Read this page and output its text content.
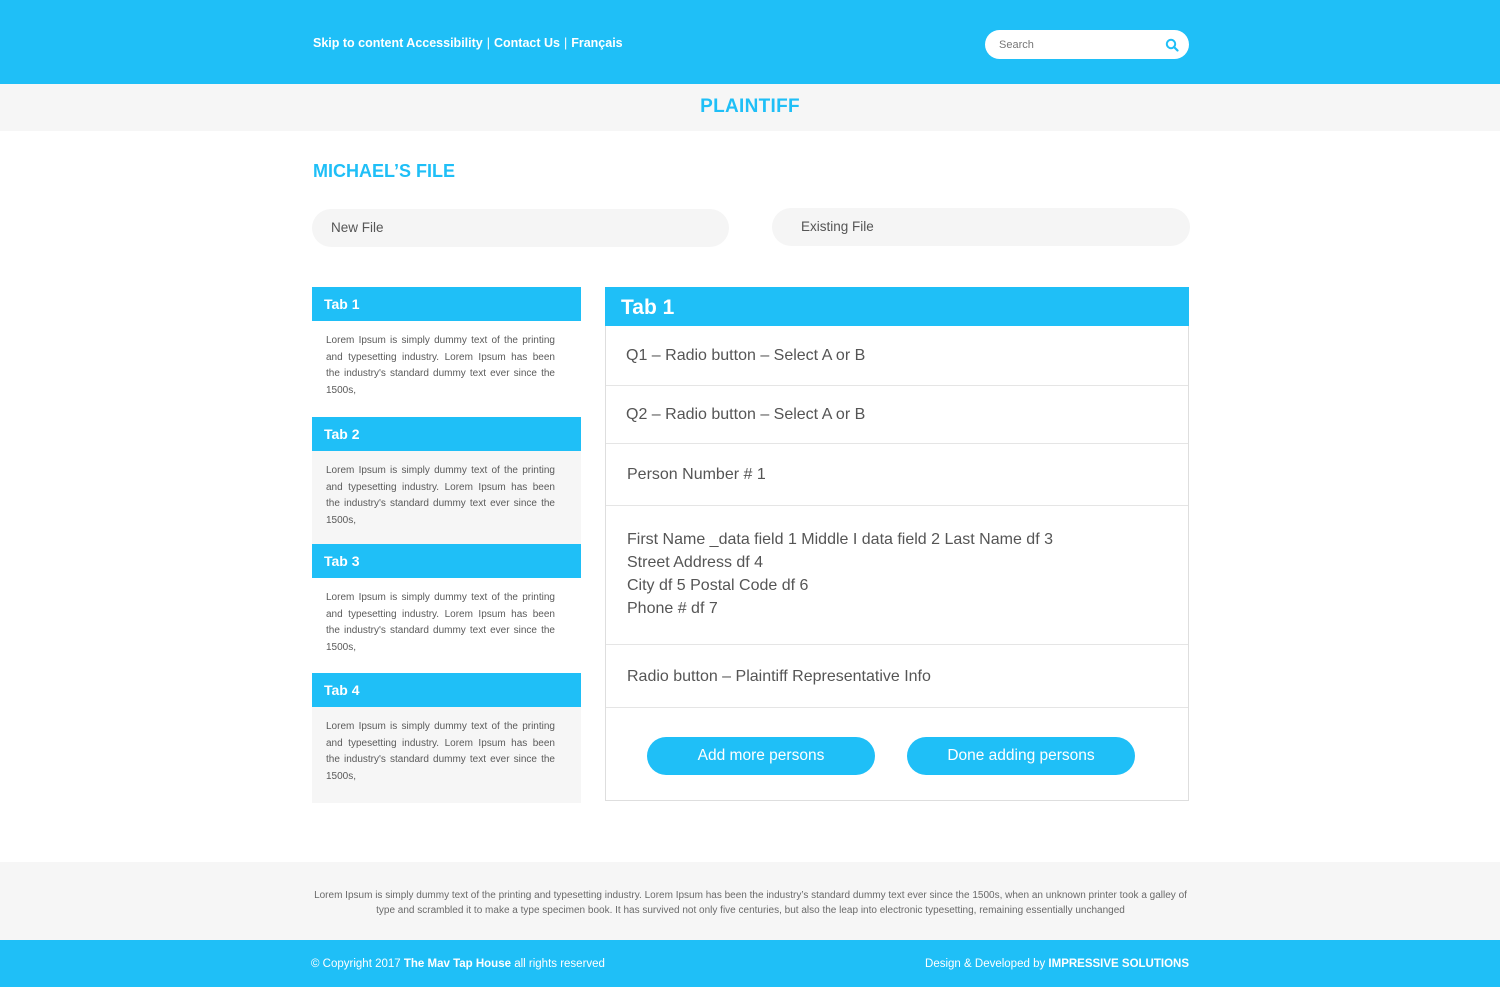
Skip to content Accessibility | Contact Us | Français
Search
PLAINTIFF
MICHAEL’S FILE
New File	Existing File
Tab 1
Lorem Ipsum is simply dummy text of the printing and typesetting industry. Lorem Ipsum has been the industry's standard dummy text ever since the 1500s,
Tab 2
Lorem Ipsum is simply dummy text of the printing and typesetting industry. Lorem Ipsum has been the industry's standard dummy text ever since the 1500s,
Tab 3
Lorem Ipsum is simply dummy text of the printing and typesetting industry. Lorem Ipsum has been the industry's standard dummy text ever since the 1500s,
Tab 4
Lorem Ipsum is simply dummy text of the printing and typesetting industry. Lorem Ipsum has been the industry's standard dummy text ever since the 1500s,
Tab 1
Q1 – Radio button – Select A or B
Q2 – Radio button – Select A or B
Person Number # 1
First Name _data field 1 Middle I data field 2 Last Name df 3
Street Address df 4
City df 5 Postal Code df 6
Phone # df 7
Radio button – Plaintiff Representative Info
Add more persons	Done adding persons

Lorem Ipsum is simply dummy text of the printing and typesetting industry. Lorem Ipsum has been the industry’s standard dummy text ever since the 1500s, when an unknown printer took a galley of type and scrambled it to make a type specimen book. It has survived not only five centuries, but also the leap into electronic typesetting, remaining essentially unchanged

© Copyright 2017 The Mav Tap House all rights reserved	Design & Developed by IMPRESSIVE SOLUTIONS
